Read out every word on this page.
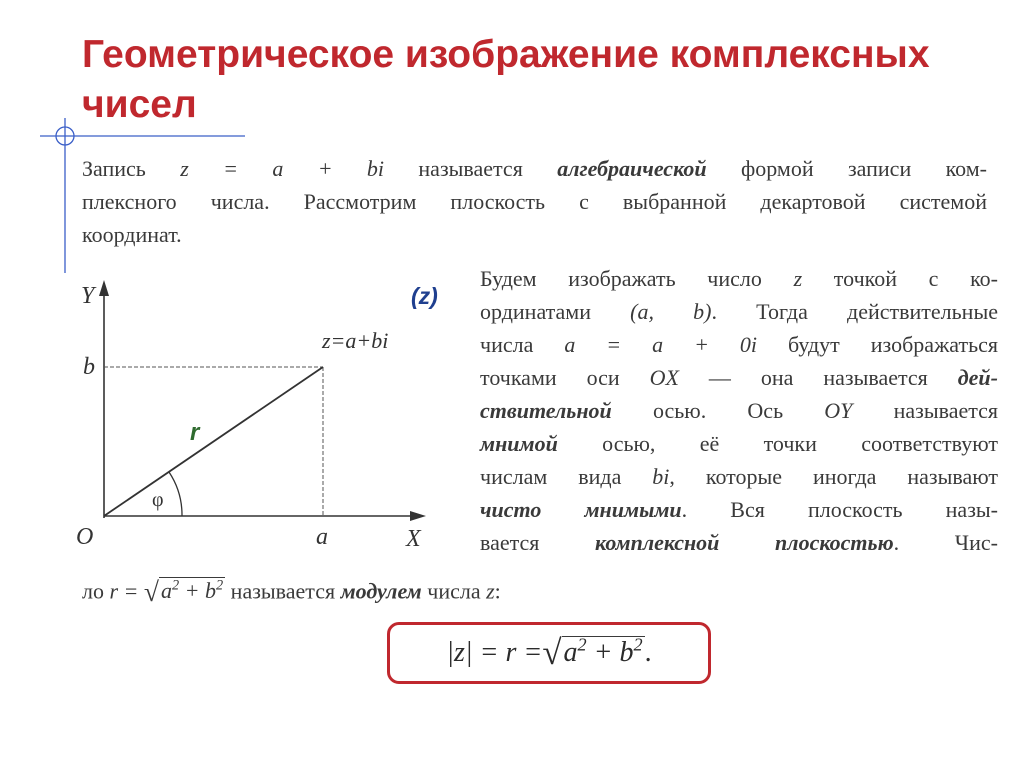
Геометрическое изображение комплексных
чисел
Запись z = a + bi называется алгебраической формой записи ком-
плексного числа. Рассмотрим плоскость с выбранной декартовой системой
координат.
Будем изображать число z точкой с ко-
ординатами (a, b). Тогда действительные
числа a = a + 0i будут изображаться
точками оси OX — она называется дей-
ствительной осью. Ось OY называется
мнимой осью, её точки соответствуют
числам вида bi, которые иногда называют
чисто мнимыми. Вся плоскость назы-
вается комплексной плоскостью. Чис-
ло $r = √a^2 + b^2$ называется модулем числа z:
$|z| = r = √a^2 + b^2$ .
Y
X
O
b
a
z=a+bi
r
φ
(z)
